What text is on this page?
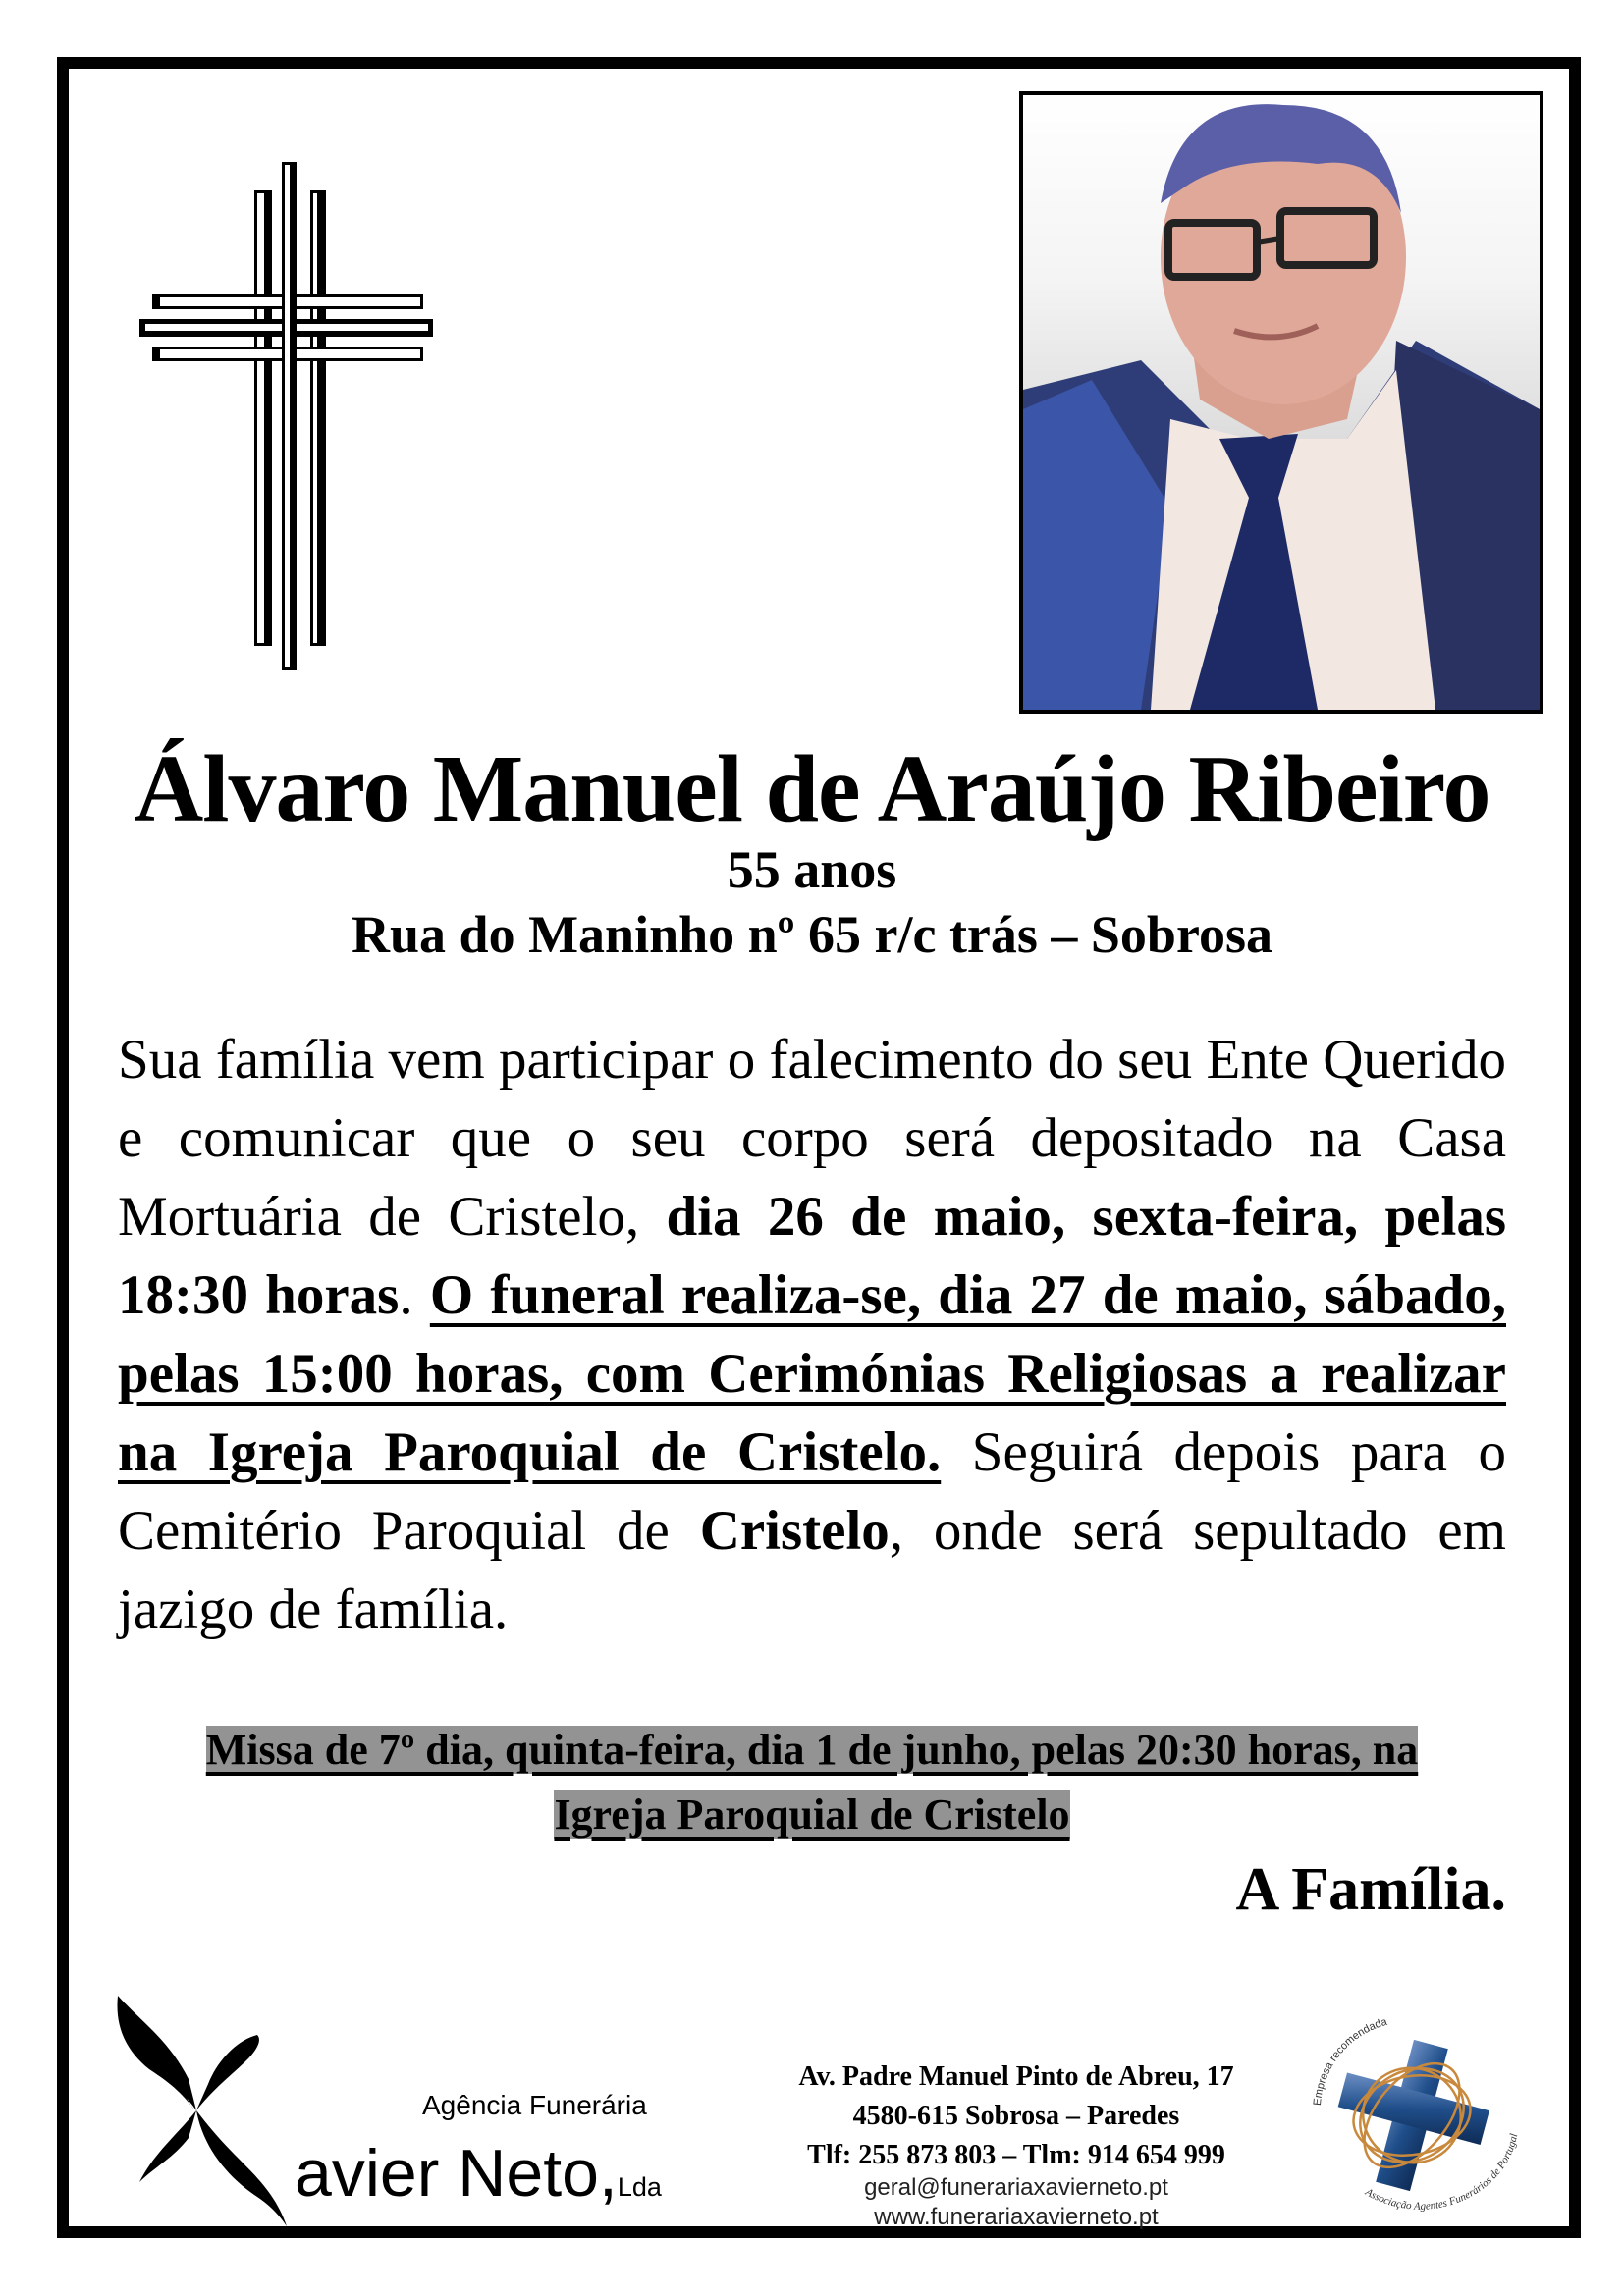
Álvaro Manuel de Araújo Ribeiro
55 anos
Rua do Maninho nº 65 r/c trás – Sobrosa
Sua família vem participar o falecimento do seu Ente Querido e comunicar que o seu corpo será depositado na Casa Mortuária de Cristelo, dia 26 de maio, sexta-feira, pelas 18:30 horas. O funeral realiza-se, dia 27 de maio, sábado, pelas 15:00 horas, com Cerimónias Religiosas a realizar na Igreja Paroquial de Cristelo. Seguirá depois para o Cemitério Paroquial de Cristelo, onde será sepultado em jazigo de família.
Missa de 7º dia, quinta-feira, dia 1 de junho, pelas 20:30 horas, na
Igreja Paroquial de Cristelo
A Família.
Agência Funerária
avier Neto,Lda
Av. Padre Manuel Pinto de Abreu, 17
4580-615 Sobrosa – Paredes
Tlf: 255 873 803 – Tlm: 914 654 999
geral@funerariaxavierneto.pt
www.funerariaxavierneto.pt
Empresa recomendada
Associação Agentes Funerários de Portugal
